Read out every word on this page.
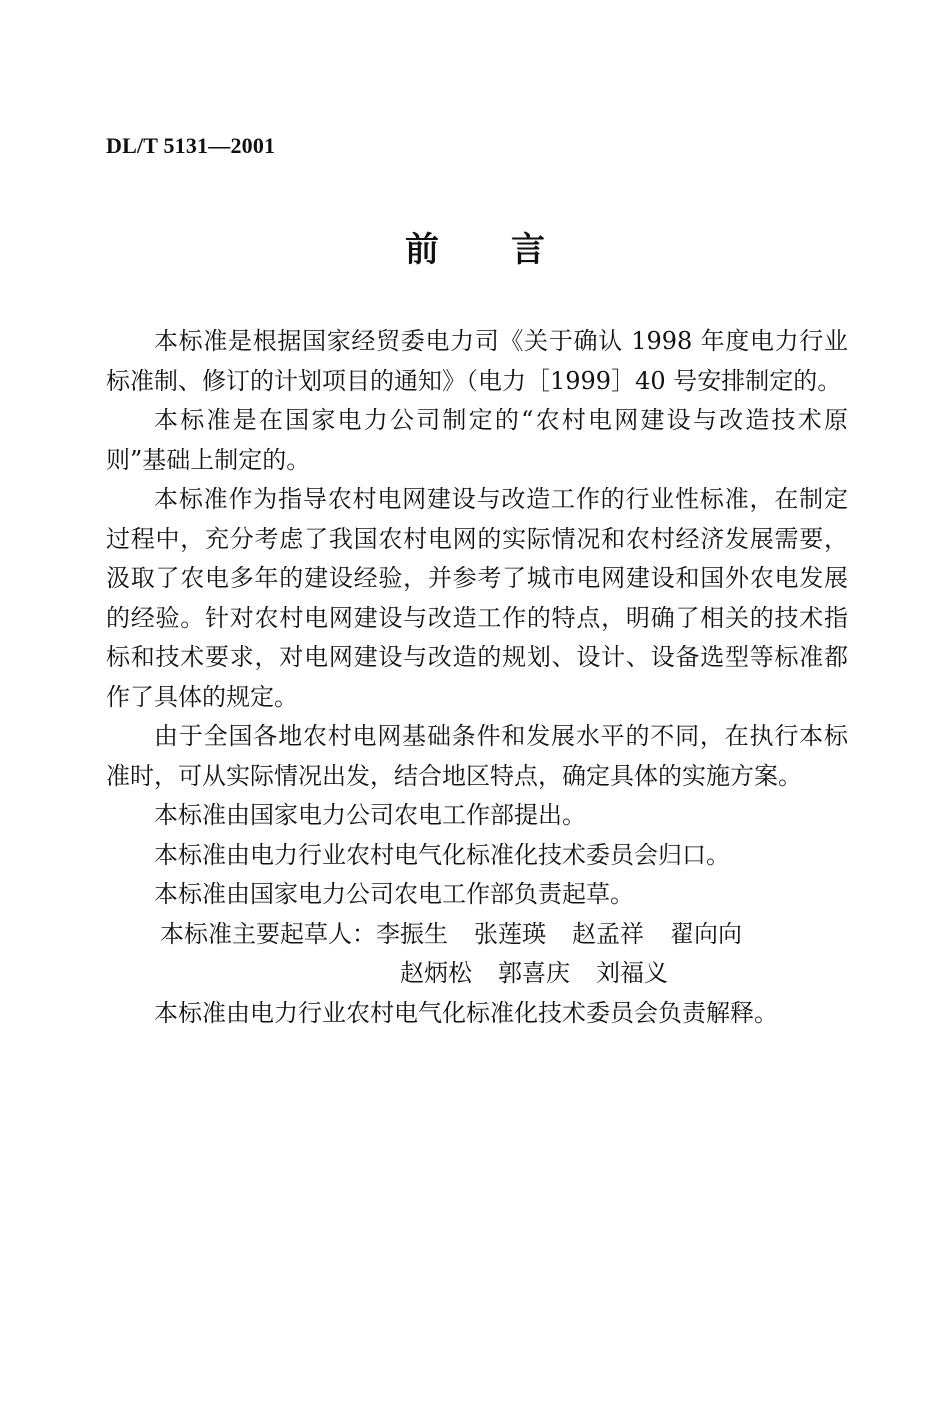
DL/T 5131—2001
前言

本标准是根据国家经贸委电力司《关于确认 1998 年度电力行业标准制、修订的计划项目的通知》（电力［1999］40 号安排制定的。

本标准是在国家电力公司制定的“农村电网建设与改造技术原则”基础上制定的。

本标准作为指导农村电网建设与改造工作的行业性标准，在制定过程中，充分考虑了我国农村电网的实际情况和农村经济发展需要，汲取了农电多年的建设经验，并参考了城市电网建设和国外农电发展的经验。针对农村电网建设与改造工作的特点，明确了相关的技术指标和技术要求，对电网建设与改造的规划、设计、设备选型等标准都作了具体的规定。

由于全国各地农村电网基础条件和发展水平的不同，在执行本标准时，可从实际情况出发，结合地区特点，确定具体的实施方案。

本标准由国家电力公司农电工作部提出。

本标准由电力行业农村电气化标准化技术委员会归口。

本标准由国家电力公司农电工作部负责起草。

本标准主要起草人：李振生 张莲瑛 赵孟祥 翟向向
赵炳松 郭喜庆 刘福义

本标准由电力行业农村电气化标准化技术委员会负责解释。
